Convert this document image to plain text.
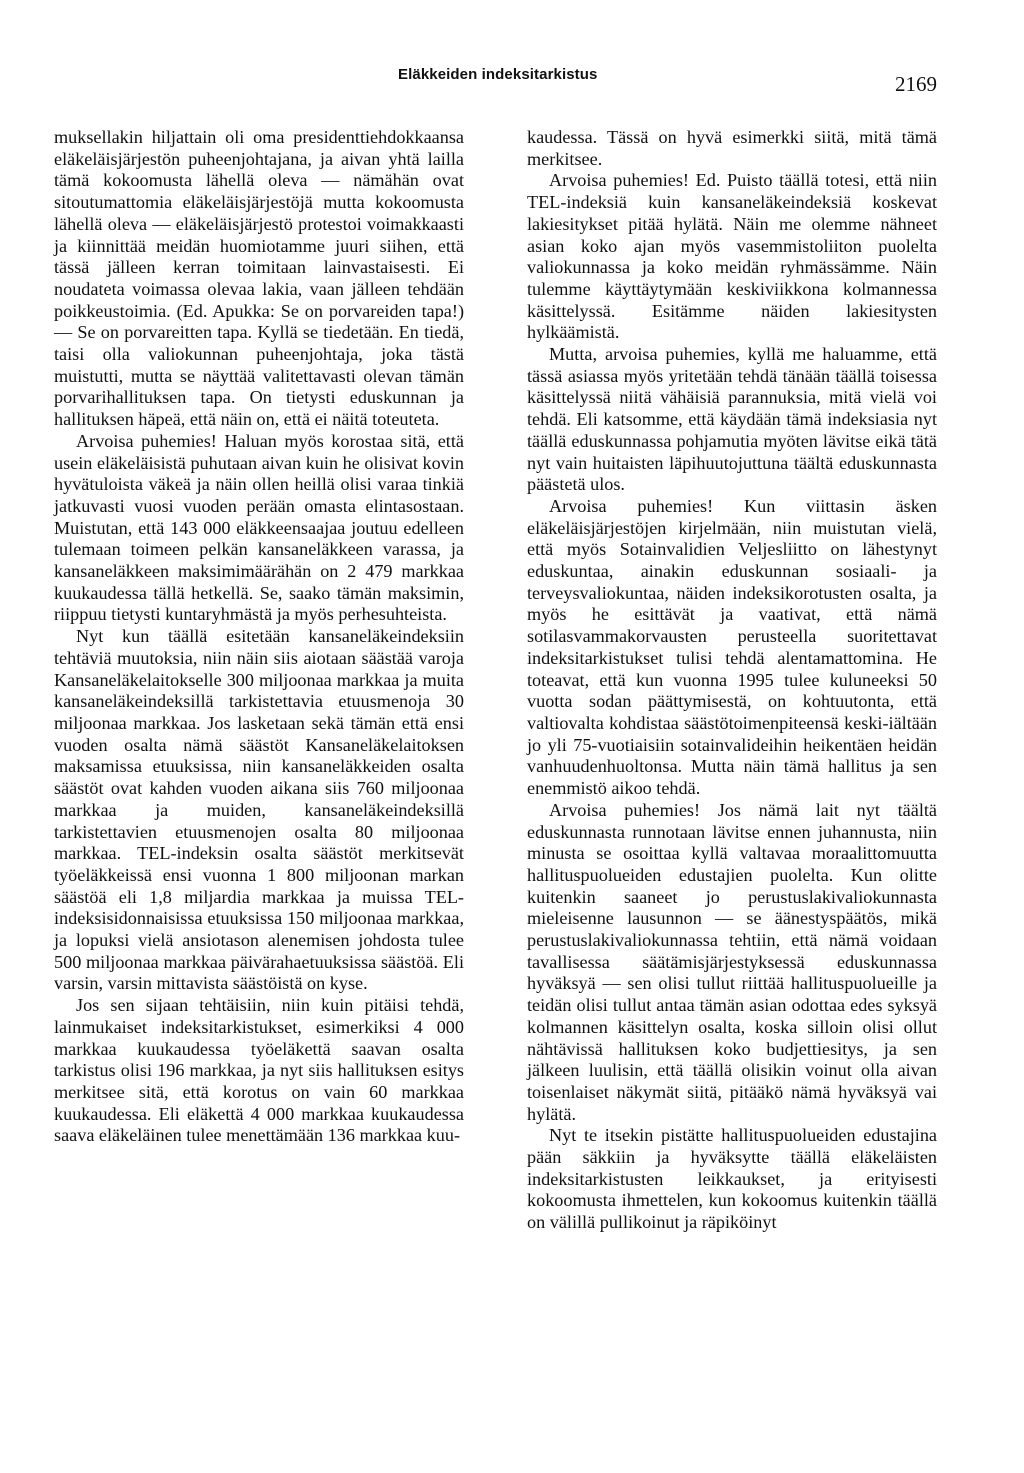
Eläkkeiden indeksitarkistus	2169

muksellakin hiljattain oli oma presidenttiehdokkaansa eläkeläisjärjestön puheenjohtajana, ja aivan yhtä lailla tämä kokoomusta lähellä oleva — nämähän ovat sitoutumattomia eläkeläisjärjestöjä mutta kokoomusta lähellä oleva — eläkeläisjärjestö protestoi voimakkaasti ja kiinnittää meidän huomiotamme juuri siihen, että tässä jälleen kerran toimitaan lainvastaisesti. Ei noudateta voimassa olevaa lakia, vaan jälleen tehdään poikkeustoimia. (Ed. Apukka: Se on porvareiden tapa!) — Se on porvareitten tapa. Kyllä se tiedetään. En tiedä, taisi olla valiokunnan puheenjohtaja, joka tästä muistutti, mutta se näyttää valitettavasti olevan tämän porvarihallituksen tapa. On tietysti eduskunnan ja hallituksen häpeä, että näin on, että ei näitä toteuteta.

Arvoisa puhemies! Haluan myös korostaa sitä, että usein eläkeläisistä puhutaan aivan kuin he olisivat kovin hyvätuloista väkeä ja näin ollen heillä olisi varaa tinkiä jatkuvasti vuosi vuoden perään omasta elintasostaan. Muistutan, että 143 000 eläkkeensaajaa joutuu edelleen tulemaan toimeen pelkän kansaneläkkeen varassa, ja kansaneläkkeen maksimimäärähän on 2 479 markkaa kuukaudessa tällä hetkellä. Se, saako tämän maksimin, riippuu tietysti kuntaryhmästä ja myös perhesuhteista.

Nyt kun täällä esitetään kansaneläkeindeksiin tehtäviä muutoksia, niin näin siis aiotaan säästää varoja Kansaneläkelaitokselle 300 miljoonaa markkaa ja muita kansaneläkeindeksillä tarkistettavia etuusmenoja 30 miljoonaa markkaa. Jos lasketaan sekä tämän että ensi vuoden osalta nämä säästöt Kansaneläkelaitoksen maksamissa etuuksissa, niin kansaneläkkeiden osalta säästöt ovat kahden vuoden aikana siis 760 miljoonaa markkaa ja muiden, kansaneläkeindeksillä tarkistettavien etuusmenojen osalta 80 miljoonaa markkaa. TEL-indeksin osalta säästöt merkitsevät työeläkkeissä ensi vuonna 1 800 miljoonan markan säästöä eli 1,8 miljardia markkaa ja muissa TEL-indeksisidonnaisissa etuuksissa 150 miljoonaa markkaa, ja lopuksi vielä ansiotason alenemisen johdosta tulee 500 miljoonaa markkaa päivärahaetuuksissa säästöä. Eli varsin, varsin mittavista säästöistä on kyse.

Jos sen sijaan tehtäisiin, niin kuin pitäisi tehdä, lainmukaiset indeksitarkistukset, esimerkiksi 4 000 markkaa kuukaudessa työeläkettä saavan osalta tarkistus olisi 196 markkaa, ja nyt siis hallituksen esitys merkitsee sitä, että korotus on vain 60 markkaa kuukaudessa. Eli eläkettä 4 000 markkaa kuukaudessa saava eläkeläinen tulee menettämään 136 markkaa kuu-

kaudessa. Tässä on hyvä esimerkki siitä, mitä tämä merkitsee.

Arvoisa puhemies! Ed. Puisto täällä totesi, että niin TEL-indeksiä kuin kansaneläkeindeksiä koskevat lakiesitykset pitää hylätä. Näin me olemme nähneet asian koko ajan myös vasemmistoliiton puolelta valiokunnassa ja koko meidän ryhmässämme. Näin tulemme käyttäytymään keskiviikkona kolmannessa käsittelyssä. Esitämme näiden lakiesitysten hylkäämistä.

Mutta, arvoisa puhemies, kyllä me haluamme, että tässä asiassa myös yritetään tehdä tänään täällä toisessa käsittelyssä niitä vähäisiä parannuksia, mitä vielä voi tehdä. Eli katsomme, että käydään tämä indeksiasia nyt täällä eduskunnassa pohjamutia myöten lävitse eikä tätä nyt vain huitaisten läpihuutojuttuna täältä eduskunnasta päästetä ulos.

Arvoisa puhemies! Kun viittasin äsken eläkeläisjärjestöjen kirjelmään, niin muistutan vielä, että myös Sotainvalidien Veljesliitto on lähestynyt eduskuntaa, ainakin eduskunnan sosiaali- ja terveysvaliokuntaa, näiden indeksikorotusten osalta, ja myös he esittävät ja vaativat, että nämä sotilasvammakorvausten perusteella suoritettavat indeksitarkistukset tulisi tehdä alentamattomina. He toteavat, että kun vuonna 1995 tulee kuluneeksi 50 vuotta sodan päättymisestä, on kohtuutonta, että valtiovalta kohdistaa säästötoimenpiteensä keski-iältään jo yli 75-vuotiaisiin sotainvalideihin heikentäen heidän vanhuudenhuoltonsa. Mutta näin tämä hallitus ja sen enemmistö aikoo tehdä.

Arvoisa puhemies! Jos nämä lait nyt täältä eduskunnasta runnotaan lävitse ennen juhannusta, niin minusta se osoittaa kyllä valtavaa moraalittomuutta hallituspuolueiden edustajien puolelta. Kun olitte kuitenkin saaneet jo perustuslakivaliokunnasta mieleisenne lausunnon — se äänestyspäätös, mikä perustuslakivaliokunnassa tehtiin, että nämä voidaan tavallisessa säätämisjärjestyksessä eduskunnassa hyväksyä — sen olisi tullut riittää hallituspuolueille ja teidän olisi tullut antaa tämän asian odottaa edes syksyä kolmannen käsittelyn osalta, koska silloin olisi ollut nähtävissä hallituksen koko budjettiesitys, ja sen jälkeen luulisin, että täällä olisikin voinut olla aivan toisenlaiset näkymät siitä, pitääkö nämä hyväksyä vai hylätä.

Nyt te itsekin pistätte hallituspuolueiden edustajina pään säkkiin ja hyväksytte täällä eläkeläisten indeksitarkistusten leikkaukset, ja erityisesti kokoomusta ihmettelen, kun kokoomus kuitenkin täällä on välillä pullikoinut ja räpiköinyt
